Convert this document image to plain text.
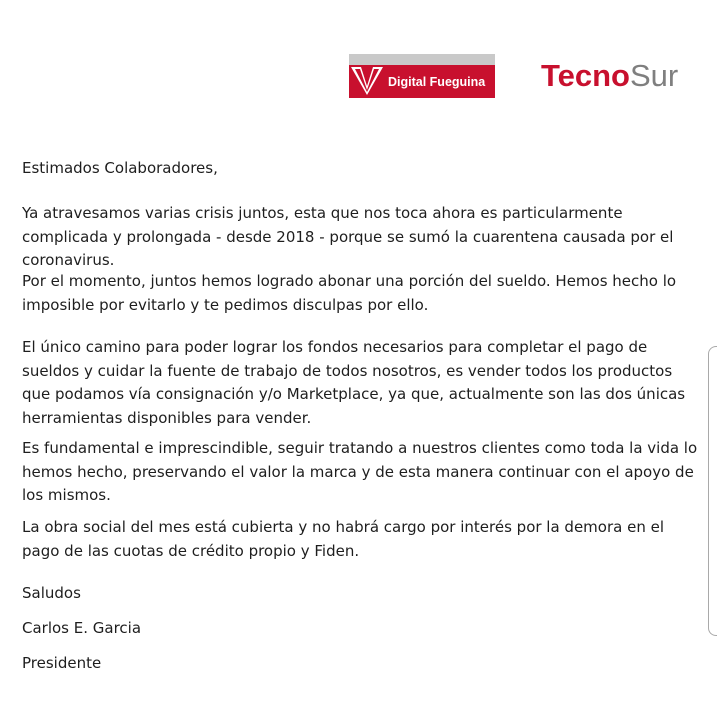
Digital Fueguina TecnoSur

Estimados Colaboradores,

Ya atravesamos varias crisis juntos, esta que nos toca ahora es particularmente complicada y prolongada - desde 2018 - porque se sumó la cuarentena causada por el coronavirus.

Por el momento, juntos hemos logrado abonar una porción del sueldo. Hemos hecho lo imposible por evitarlo y te pedimos disculpas por ello.

El único camino para poder lograr los fondos necesarios para completar el pago de sueldos y cuidar la fuente de trabajo de todos nosotros, es vender todos los productos que podamos vía consignación y/o Marketplace, ya que, actualmente son las dos únicas herramientas disponibles para vender.

Es fundamental e imprescindible, seguir tratando a nuestros clientes como toda la vida lo hemos hecho, preservando el valor la marca y de esta manera continuar con el apoyo de los mismos.

La obra social del mes está cubierta y no habrá cargo por interés por la demora en el pago de las cuotas de crédito propio y Fiden.

Saludos

Carlos E. Garcia

Presidente
